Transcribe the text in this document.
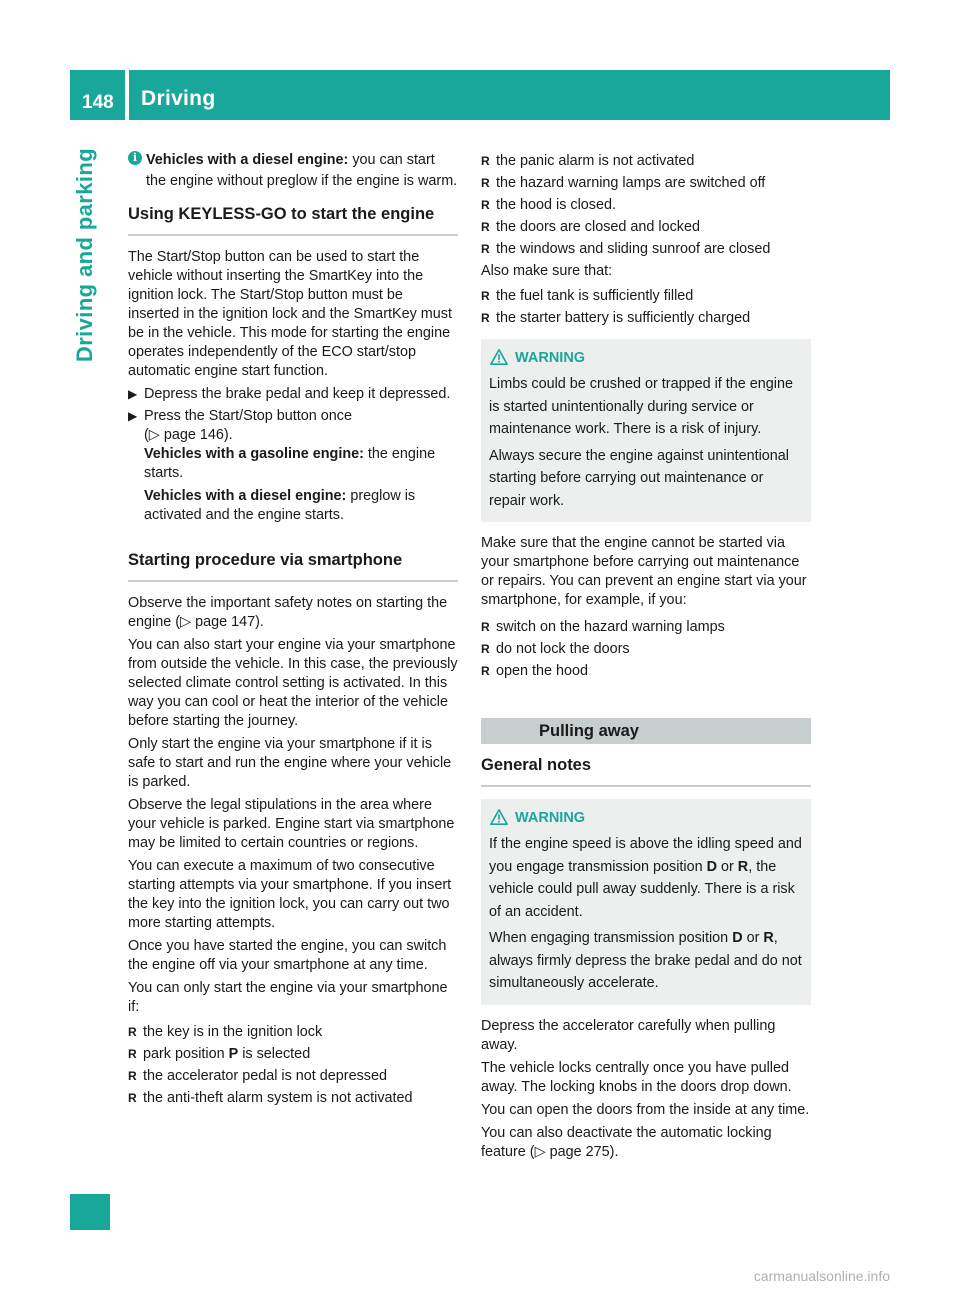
148 Driving
Driving and parking	i Vehicles with a diesel engine: you can start the engine without preglow if the engine is warm.
Using KEYLESS-GO to start the engine

The Start/Stop button can be used to start the vehicle without inserting the SmartKey into the ignition lock. The Start/Stop button must be inserted in the ignition lock and the SmartKey must be in the vehicle. This mode for starting the engine operates independently of the ECO start/stop automatic engine start function.

▶ Depress the brake pedal and keep it depressed.
▶ Press the Start/Stop button once
(▷ page 146).
Vehicles with a gasoline engine: the engine starts.
Vehicles with a diesel engine: preglow is activated and the engine starts.
Starting procedure via smartphone

Observe the important safety notes on starting the engine (▷ page 147).

You can also start your engine via your smartphone from outside the vehicle. In this case, the previously selected climate control setting is activated. In this way you can cool or heat the interior of the vehicle before starting the journey.

Only start the engine via your smartphone if it is safe to start and run the engine where your vehicle is parked.

Observe the legal stipulations in the area where your vehicle is parked. Engine start via smartphone may be limited to certain countries or regions.

You can execute a maximum of two consecutive starting attempts via your smartphone. If you insert the key into the ignition lock, you can carry out two more starting attempts.

Once you have started the engine, you can switch the engine off via your smartphone at any time.

You can only start the engine via your smartphone if:

R the key is in the ignition lock
R park position P is selected
R the accelerator pedal is not depressed
R the anti-theft alarm system is not activated
R the panic alarm is not activated
R the hazard warning lamps are switched off
R the hood is closed.
R the doors are closed and locked
R the windows and sliding sunroof are closed

Also make sure that:

R the fuel tank is sufficiently filled
R the starter battery is sufficiently charged
WARNING

Limbs could be crushed or trapped if the engine is started unintentionally during service or maintenance work. There is a risk of injury.

Always secure the engine against unintentional starting before carrying out maintenance or repair work.

Make sure that the engine cannot be started via your smartphone before carrying out maintenance or repairs. You can prevent an engine start via your smartphone, for example, if you:

R switch on the hazard warning lamps
R do not lock the doors
R open the hood
Pulling away
General notes
WARNING

If the engine speed is above the idling speed and you engage transmission position D or R, the vehicle could pull away suddenly. There is a risk of an accident.

When engaging transmission position D or R, always firmly depress the brake pedal and do not simultaneously accelerate.

Depress the accelerator carefully when pulling away.

The vehicle locks centrally once you have pulled away. The locking knobs in the doors drop down.

You can open the doors from the inside at any time.

You can also deactivate the automatic locking feature (▷ page 275).

carmanualsonline.info
